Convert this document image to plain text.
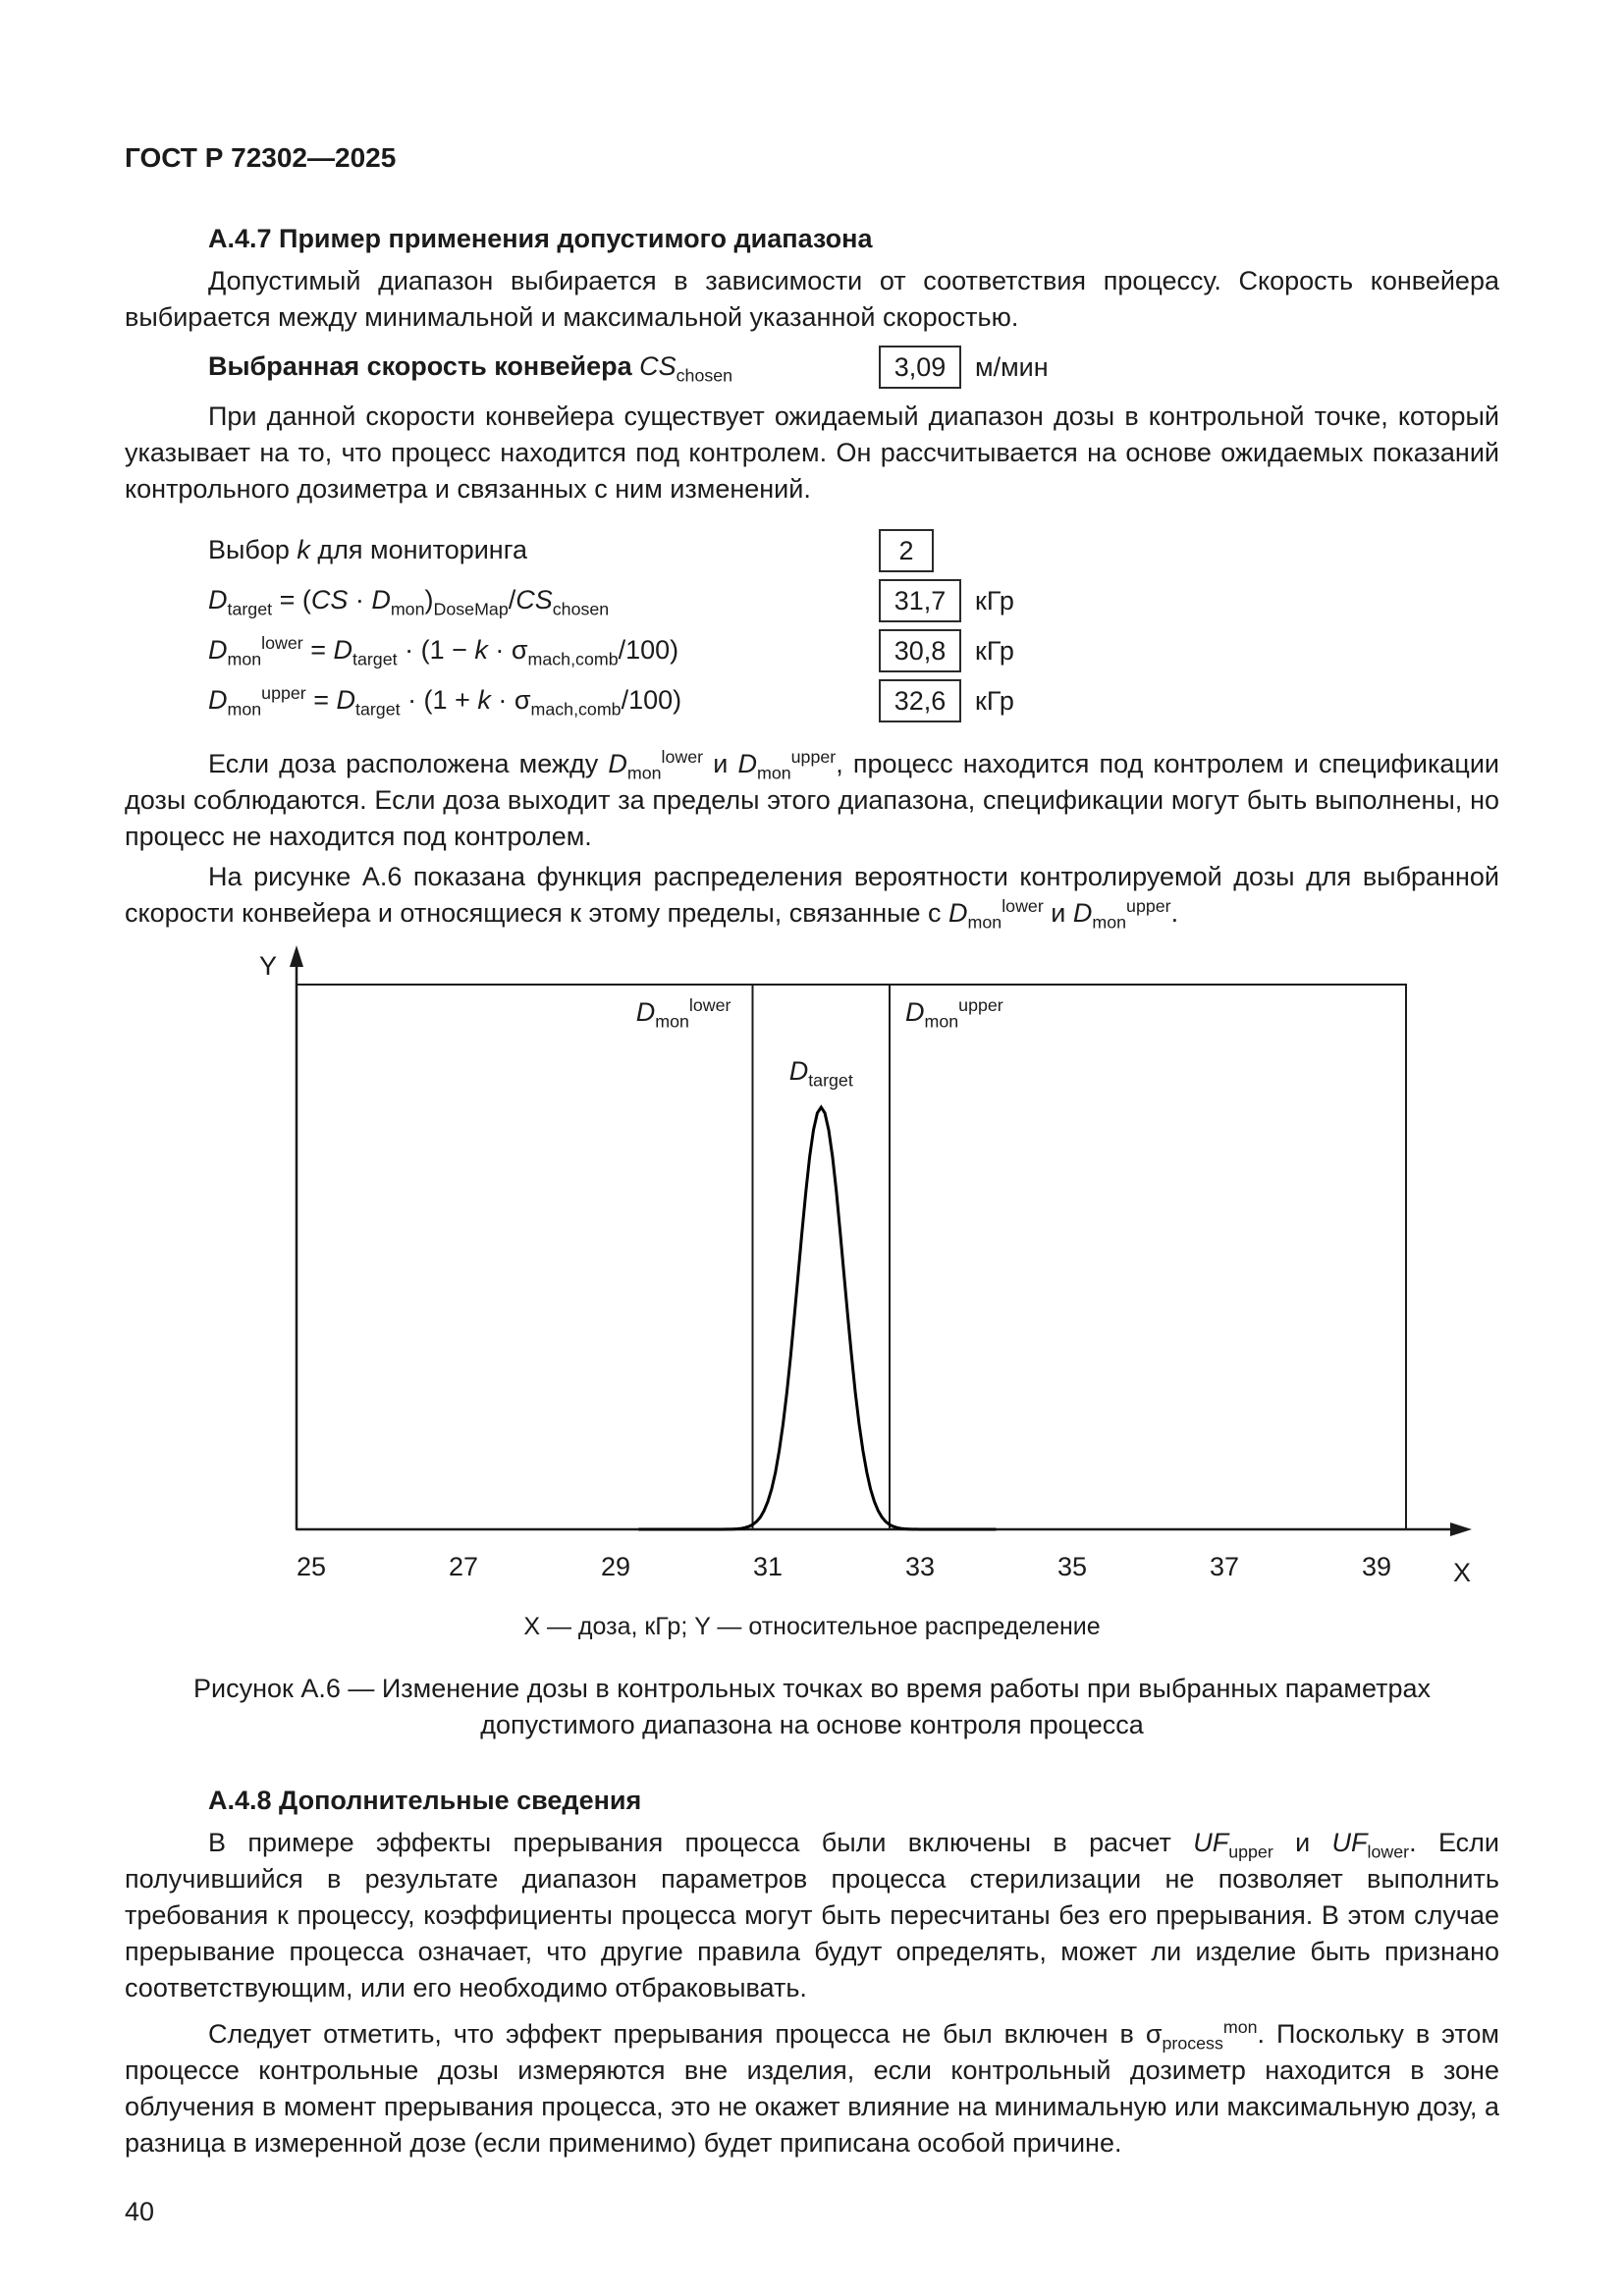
ГОСТ Р 72302—2025
А.4.7 Пример применения допустимого диапазона

Допустимый диапазон выбирается в зависимости от соответствия процессу. Скорость конвейера выбирается между минимальной и максимальной указанной скоростью.

Выбранная скорость конвейера $CS_{chosen}$	3,09	м/мин

При данной скорости конвейера существует ожидаемый диапазон дозы в контрольной точке, который указывает на то, что процесс находится под контролем. Он рассчитывается на основе ожидаемых показаний контрольного дозиметра и связанных с ним изменений.

Выбор k для мониторинга	2
$D_{target} = (CS \cdot D_{mon})_{DoseMap}/CS_{chosen}$	31,7	кГр
$D_{mon}^{lower} = D_{target} \cdot (1 - k \cdot \sigma_{mach,comb}/100)$	30,8	кГр
$D_{mon}^{upper} = D_{target} \cdot (1 + k \cdot \sigma_{mach,comb}/100)$	32,6	кГр

Если доза расположена между $D_{mon}^{lower}$ и $D_{mon}^{upper}$, процесс находится под контролем и спецификации дозы соблюдаются. Если доза выходит за пределы этого диапазона, спецификации могут быть выполнены, но процесс не находится под контролем.

На рисунке А.6 показана функция распределения вероятности контролируемой дозы для выбранной скорости конвейера и относящиеся к этому пределы, связанные с $D_{mon}^{lower}$ и $D_{mon}^{upper}$.

Y
Х
25	27	29	31	33	35	37	39
$D_{mon}^{lower}$	$D_{mon}^{upper}$
$D_{target}$
Х — доза, кГр; Y — относительное распределение
Рисунок А.6 — Изменение дозы в контрольных точках во время работы при выбранных параметрах допустимого диапазона на основе контроля процесса
А.4.8 Дополнительные сведения

В примере эффекты прерывания процесса были включены в расчет $UF_{upper}$ и $UF_{lower}$. Если получившийся в результате диапазон параметров процесса стерилизации не позволяет выполнить требования к процессу, коэффициенты процесса могут быть пересчитаны без его прерывания. В этом случае прерывание процесса означает, что другие правила будут определять, может ли изделие быть признано соответствующим, или его необходимо отбраковывать.

Следует отметить, что эффект прерывания процесса не был включен в $\sigma_{process}^{mon}$. Поскольку в этом процессе контрольные дозы измеряются вне изделия, если контрольный дозиметр находится в зоне облучения в момент прерывания процесса, это не окажет влияние на минимальную или максимальную дозу, а разница в измеренной дозе (если применимо) будет приписана особой причине.

40
